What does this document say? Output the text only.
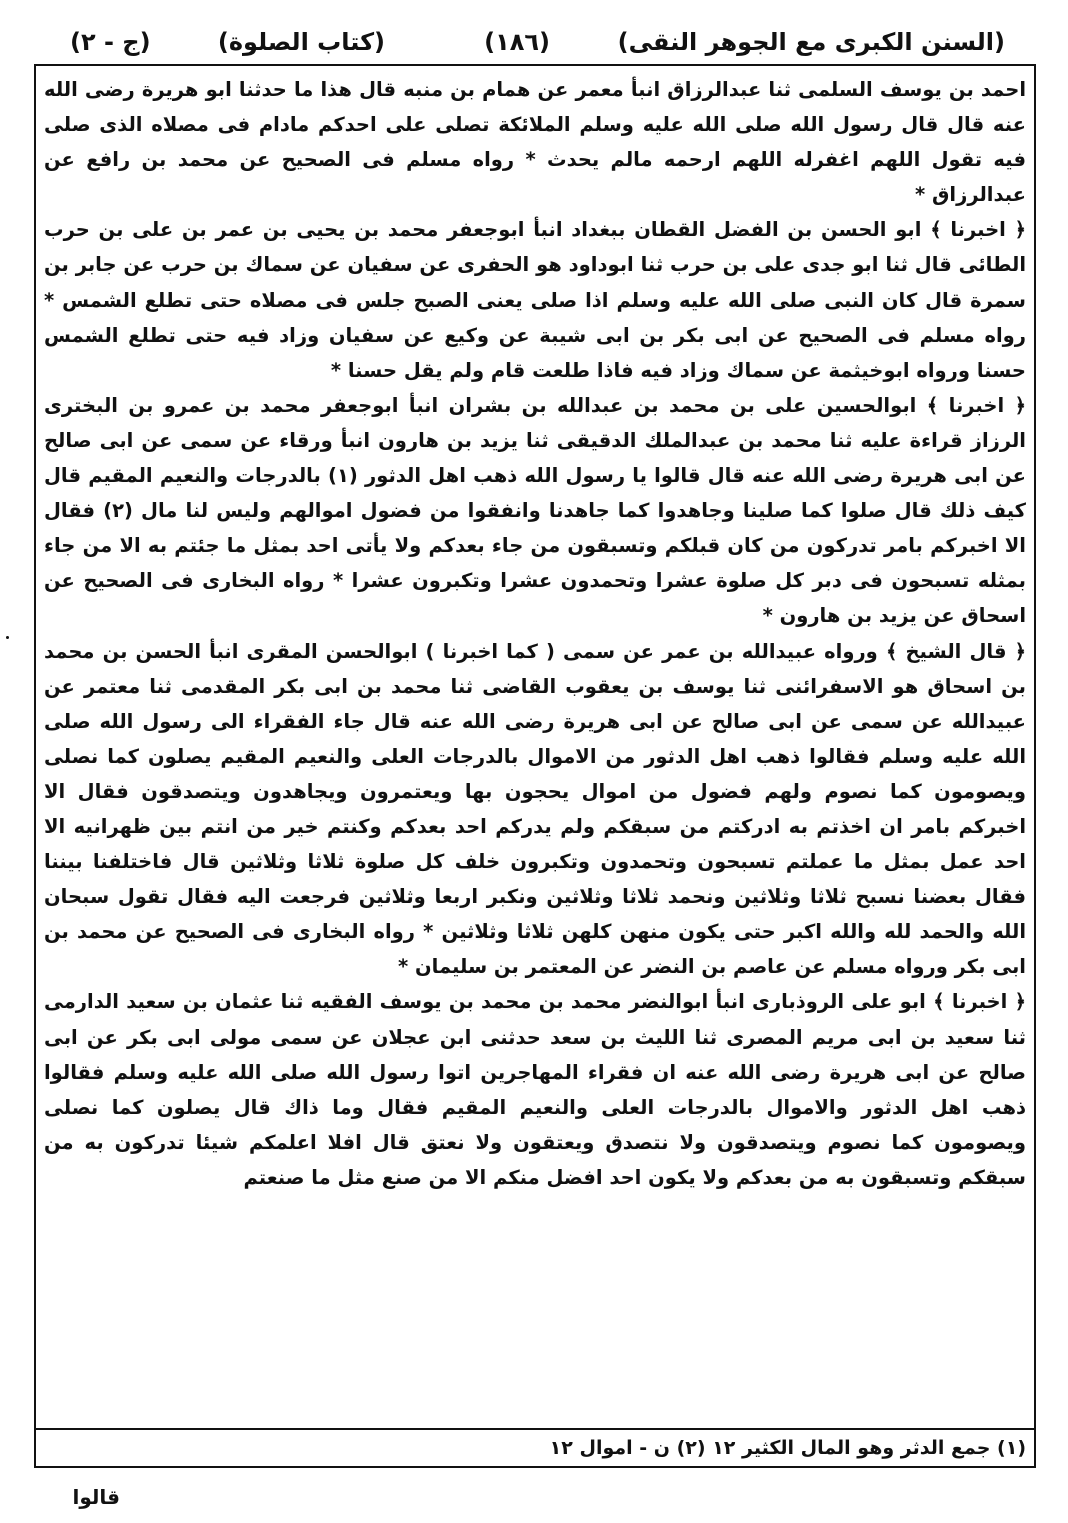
(السنن الكبرى مع الجوهر النقى)
(١٨٦)
(كتاب الصلوة)
(ج - ٢)

احمد بن يوسف السلمى ثنا عبدالرزاق انبأ معمر عن همام بن منبه قال هذا ما حدثنا ابو هريرة رضى الله عنه قال قال رسول الله صلى الله عليه وسلم الملائكة تصلى على احدكم مادام فى مصلاه الذى صلى فيه تقول اللهم اغفرله اللهم ارحمه مالم يحدث * رواه مسلم فى الصحيح عن محمد بن رافع عن عبدالرزاق *

﴿ اخبرنا ﴾ ابو الحسن بن الفضل القطان ببغداد انبأ ابوجعفر محمد بن يحيى بن عمر بن على بن حرب الطائى قال ثنا ابو جدى على بن حرب ثنا ابوداود هو الحفرى عن سفيان عن سماك بن حرب عن جابر بن سمرة قال كان النبى صلى الله عليه وسلم اذا صلى يعنى الصبح جلس فى مصلاه حتى تطلع الشمس * رواه مسلم فى الصحيح عن ابى بكر بن ابى شيبة عن وكيع عن سفيان وزاد فيه حتى تطلع الشمس حسنا ورواه ابوخيثمة عن سماك وزاد فيه فاذا طلعت قام ولم يقل حسنا *

﴿ اخبرنا ﴾ ابوالحسين على بن محمد بن عبدالله بن بشران انبأ ابوجعفر محمد بن عمرو بن البخترى الرزاز قراءة عليه ثنا محمد بن عبدالملك الدقيقى ثنا يزيد بن هارون انبأ ورقاء عن سمى عن ابى صالح عن ابى هريرة رضى الله عنه قال قالوا يا رسول الله ذهب اهل الدثور (١) بالدرجات والنعيم المقيم قال كيف ذلك قال صلوا كما صلينا وجاهدوا كما جاهدنا وانفقوا من فضول اموالهم وليس لنا مال (٢) فقال الا اخبركم بامر تدركون من كان قبلكم وتسبقون من جاء بعدكم ولا يأتى احد بمثل ما جئتم به الا من جاء بمثله تسبحون فى دبر كل صلوة عشرا وتحمدون عشرا وتكبرون عشرا * رواه البخارى فى الصحيح عن اسحاق عن يزيد بن هارون *

﴿ قال الشيخ ﴾ ورواه عبيدالله بن عمر عن سمى ( كما اخبرنا ) ابوالحسن المقرى انبأ الحسن بن محمد بن اسحاق هو الاسفرائنى ثنا يوسف بن يعقوب القاضى ثنا محمد بن ابى بكر المقدمى ثنا معتمر عن عبيدالله عن سمى عن ابى صالح عن ابى هريرة رضى الله عنه قال جاء الفقراء الى رسول الله صلى الله عليه وسلم فقالوا ذهب اهل الدثور من الاموال بالدرجات العلى والنعيم المقيم يصلون كما نصلى ويصومون كما نصوم ولهم فضول من اموال يحجون بها ويعتمرون ويجاهدون ويتصدقون فقال الا اخبركم بامر ان اخذتم به ادركتم من سبقكم ولم يدركم احد بعدكم وكنتم خير من انتم بين ظهرانيه الا احد عمل بمثل ما عملتم تسبحون وتحمدون وتكبرون خلف كل صلوة ثلاثا وثلاثين قال فاختلفنا بيننا فقال بعضنا نسبح ثلاثا وثلاثين ونحمد ثلاثا وثلاثين ونكبر اربعا وثلاثين فرجعت اليه فقال تقول سبحان الله والحمد لله والله اكبر حتى يكون منهن كلهن ثلاثا وثلاثين * رواه البخارى فى الصحيح عن محمد بن ابى بكر ورواه مسلم عن عاصم بن النضر عن المعتمر بن سليمان *

﴿ اخبرنا ﴾ ابو على الروذبارى انبأ ابوالنضر محمد بن محمد بن يوسف الفقيه ثنا عثمان بن سعيد الدارمى ثنا سعيد بن ابى مريم المصرى ثنا الليث بن سعد حدثنى ابن عجلان عن سمى مولى ابى بكر عن ابى صالح عن ابى هريرة رضى الله عنه ان فقراء المهاجرين اتوا رسول الله صلى الله عليه وسلم فقالوا ذهب اهل الدثور والاموال بالدرجات العلى والنعيم المقيم فقال وما ذاك قال يصلون كما نصلى ويصومون كما نصوم ويتصدقون ولا نتصدق ويعتقون ولا نعتق قال افلا اعلمكم شيئا تدركون به من سبقكم وتسبقون به من بعدكم ولا يكون احد افضل منكم الا من صنع مثل ما صنعتم

(١) جمع الدثر وهو المال الكثير ١٢ (٢) ن - اموال ١٢
قالوا
